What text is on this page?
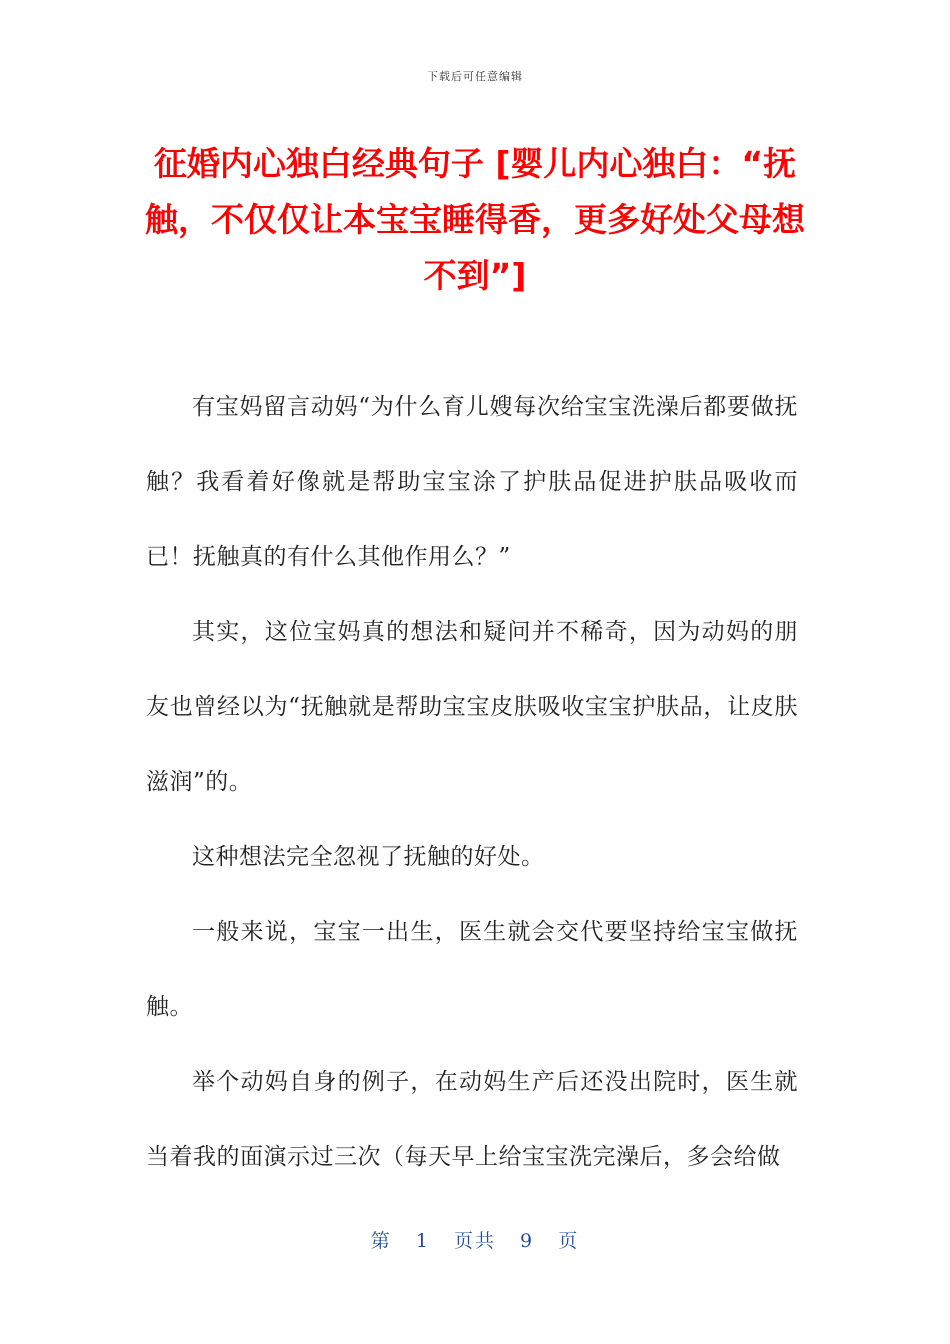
下载后可任意编辑
征婚内心独白经典句子 [婴儿内心独白：“抚触，不仅仅让本宝宝睡得香，更多好处父母想不到”]

有宝妈留言动妈“为什么育儿嫂每次给宝宝洗澡后都要做抚触？我看着好像就是帮助宝宝涂了护肤品促进护肤品吸收而已！抚触真的有什么其他作用么？”

其实，这位宝妈真的想法和疑问并不稀奇，因为动妈的朋友也曾经以为“抚触就是帮助宝宝皮肤吸收宝宝护肤品，让皮肤滋润”的。

这种想法完全忽视了抚触的好处。

一般来说，宝宝一出生，医生就会交代要坚持给宝宝做抚触。

举个动妈自身的例子，在动妈生产后还没出院时，医生就当着我的面演示过三次（每天早上给宝宝洗完澡后，多会给做

第 1 页共 9 页
